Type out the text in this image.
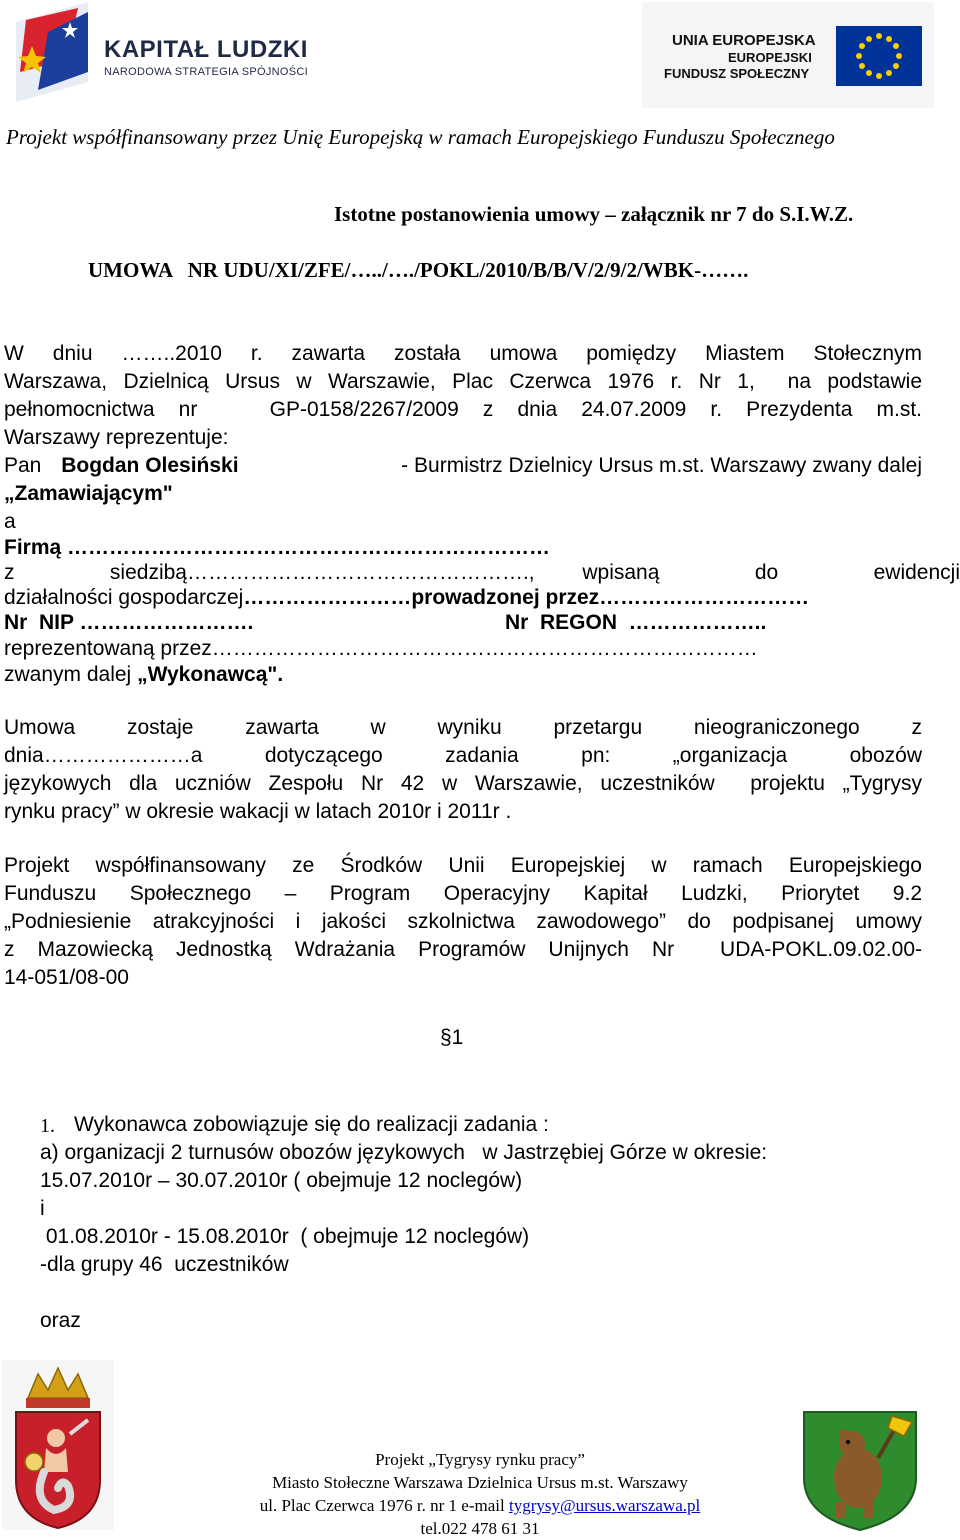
KAPITAŁ LUDZKI
NARODOWA STRATEGIA SPÓJNOŚCI
UNIA EUROPEJSKA
EUROPEJSKI
FUNDUSZ SPOŁECZNY
Projekt współfinansowany przez Unię Europejską w ramach Europejskiego Funduszu Społecznego
Istotne postanowienia umowy – załącznik nr 7 do S.I.W.Z.
UMOWA   NR UDU/XI/ZFE/…../…./POKL/2010/B/B/V/2/9/2/WBK-…….
W dniu ……..2010 r. zawarta została umowa pomiędzy Miastem Stołecznym
Warszawa, Dzielnicą Ursus w Warszawie, Plac Czerwca 1976 r. Nr 1,  na podstawie
pełnomocnictwa nr   GP-0158/2267/2009 z dnia 24.07.2009 r. Prezydenta m.st.
Warszawy reprezentuje:
Pan Bogdan Olesiński	- Burmistrz Dzielnicy Ursus m.st. Warszawy zwany dalej
„Zamawiającym"
a
Firmą ……………………………………………………………
z  siedzibą…………………………………………., wpisaną  do  ewidencji
działalności gospodarczej……………………prowadzonej przez…………………………
Nr  NIP …………………….	Nr  REGON  ………………..
reprezentowaną przez……………………………………………………………………
zwanym dalej „Wykonawcą".
Umowa   zostaje   zawarta   w   wyniku   przetargu   nieograniczonego   z
dnia…………………a  dotyczącego  zadania  pn:  „organizacja  obozów
językowych dla uczniów Zespołu Nr 42 w Warszawie, uczestników  projektu „Tygrysy
rynku pracy” w okresie wakacji w latach 2010r i 2011r .
Projekt  współfinansowany  ze  Środków  Unii  Europejskiej  w  ramach  Europejskiego
Funduszu   Społecznego   –   Program   Operacyjny   Kapitał   Ludzki,   Priorytet   9.2
„Podniesienie atrakcyjności i jakości szkolnictwa zawodowego” do podpisanej umowy
z  Mazowiecką  Jednostką  Wdrażania  Programów  Unijnych  Nr    UDA-POKL.09.02.00-
14-051/08-00
§1
1. Wykonawca zobowiązuje się do realizacji zadania :
a) organizacji 2 turnusów obozów językowych   w Jastrzębiej Górze w okresie:
15.07.2010r – 30.07.2010r ( obejmuje 12 noclegów)
i
01.08.2010r - 15.08.2010r  ( obejmuje 12 noclegów)
-dla grupy 46  uczestników
oraz
Projekt „Tygrysy rynku pracy”
Miasto Stołeczne Warszawa Dzielnica Ursus m.st. Warszawy
ul. Plac Czerwca 1976 r. nr 1 e-mail tygrysy@ursus.warszawa.pl
tel.022 478 61 31
